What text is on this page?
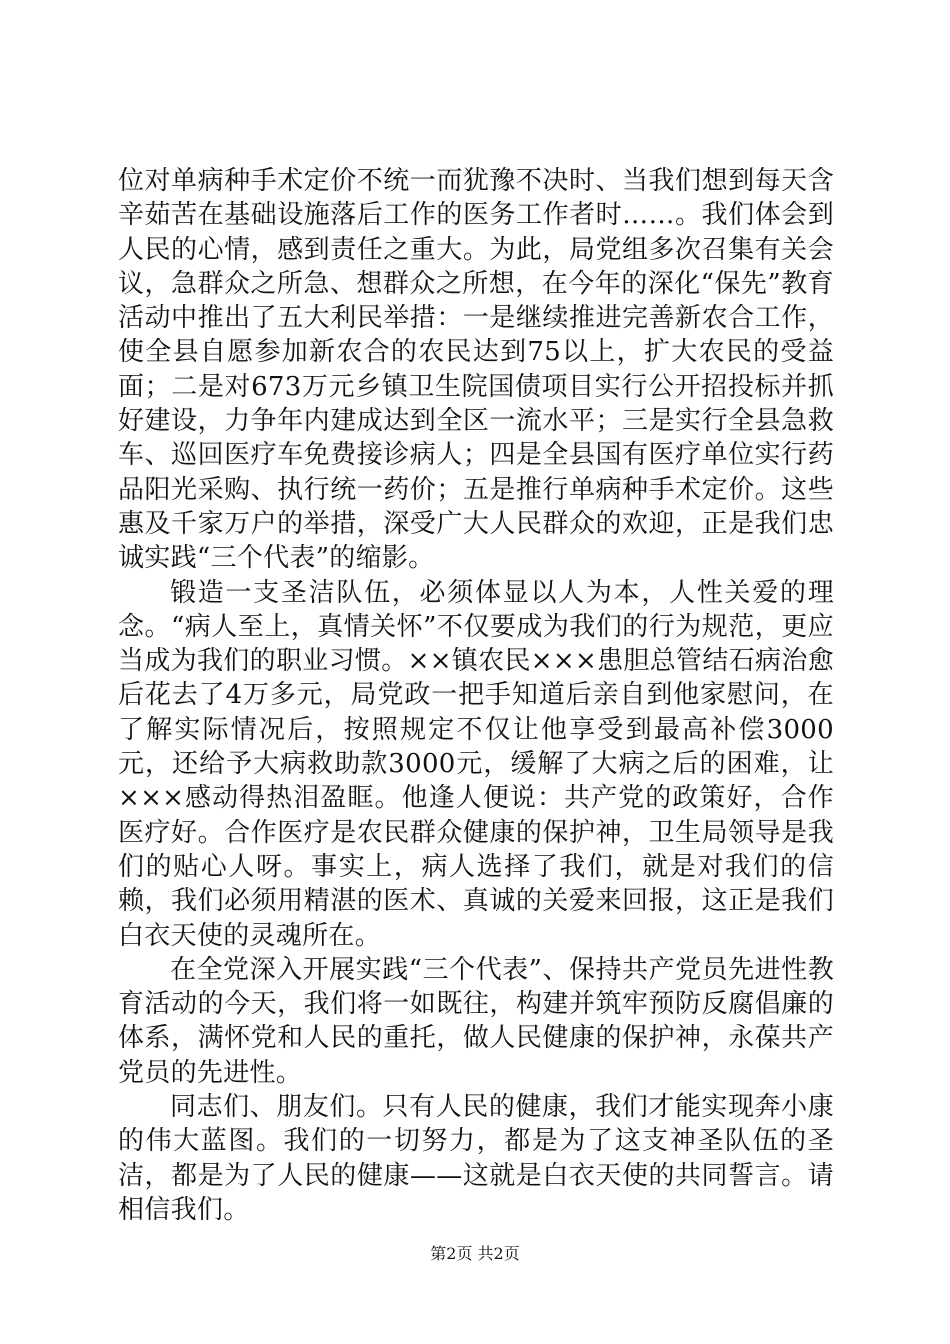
位对单病种手术定价不统一而犹豫不决时、当我们想到每天含辛茹苦在基础设施落后工作的医务工作者时……。我们体会到人民的心情，感到责任之重大。为此，局党组多次召集有关会议，急群众之所急、想群众之所想，在今年的深化“保先”教育活动中推出了五大利民举措：一是继续推进完善新农合工作，使全县自愿参加新农合的农民达到75以上，扩大农民的受益面；二是对673万元乡镇卫生院国债项目实行公开招投标并抓好建设，力争年内建成达到全区一流水平；三是实行全县急救车、巡回医疗车免费接诊病人；四是全县国有医疗单位实行药品阳光采购、执行统一药价；五是推行单病种手术定价。这些惠及千家万户的举措，深受广大人民群众的欢迎，正是我们忠诚实践“三个代表”的缩影。

锻造一支圣洁队伍，必须体显以人为本，人性关爱的理念。“病人至上，真情关怀”不仅要成为我们的行为规范，更应当成为我们的职业习惯。××镇农民×××患胆总管结石病治愈后花去了4万多元，局党政一把手知道后亲自到他家慰问，在了解实际情况后，按照规定不仅让他享受到最高补偿3000元，还给予大病救助款3000元，缓解了大病之后的困难，让×××感动得热泪盈眶。他逢人便说：共产党的政策好，合作医疗好。合作医疗是农民群众健康的保护神，卫生局领导是我们的贴心人呀。事实上，病人选择了我们，就是对我们的信赖，我们必须用精湛的医术、真诚的关爱来回报，这正是我们白衣天使的灵魂所在。

在全党深入开展实践“三个代表”、保持共产党员先进性教育活动的今天，我们将一如既往，构建并筑牢预防反腐倡廉的体系，满怀党和人民的重托，做人民健康的保护神，永葆共产党员的先进性。

同志们、朋友们。只有人民的健康，我们才能实现奔小康的伟大蓝图。我们的一切努力，都是为了这支神圣队伍的圣洁，都是为了人民的健康——这就是白衣天使的共同誓言。请相信我们。

第2页 共2页
